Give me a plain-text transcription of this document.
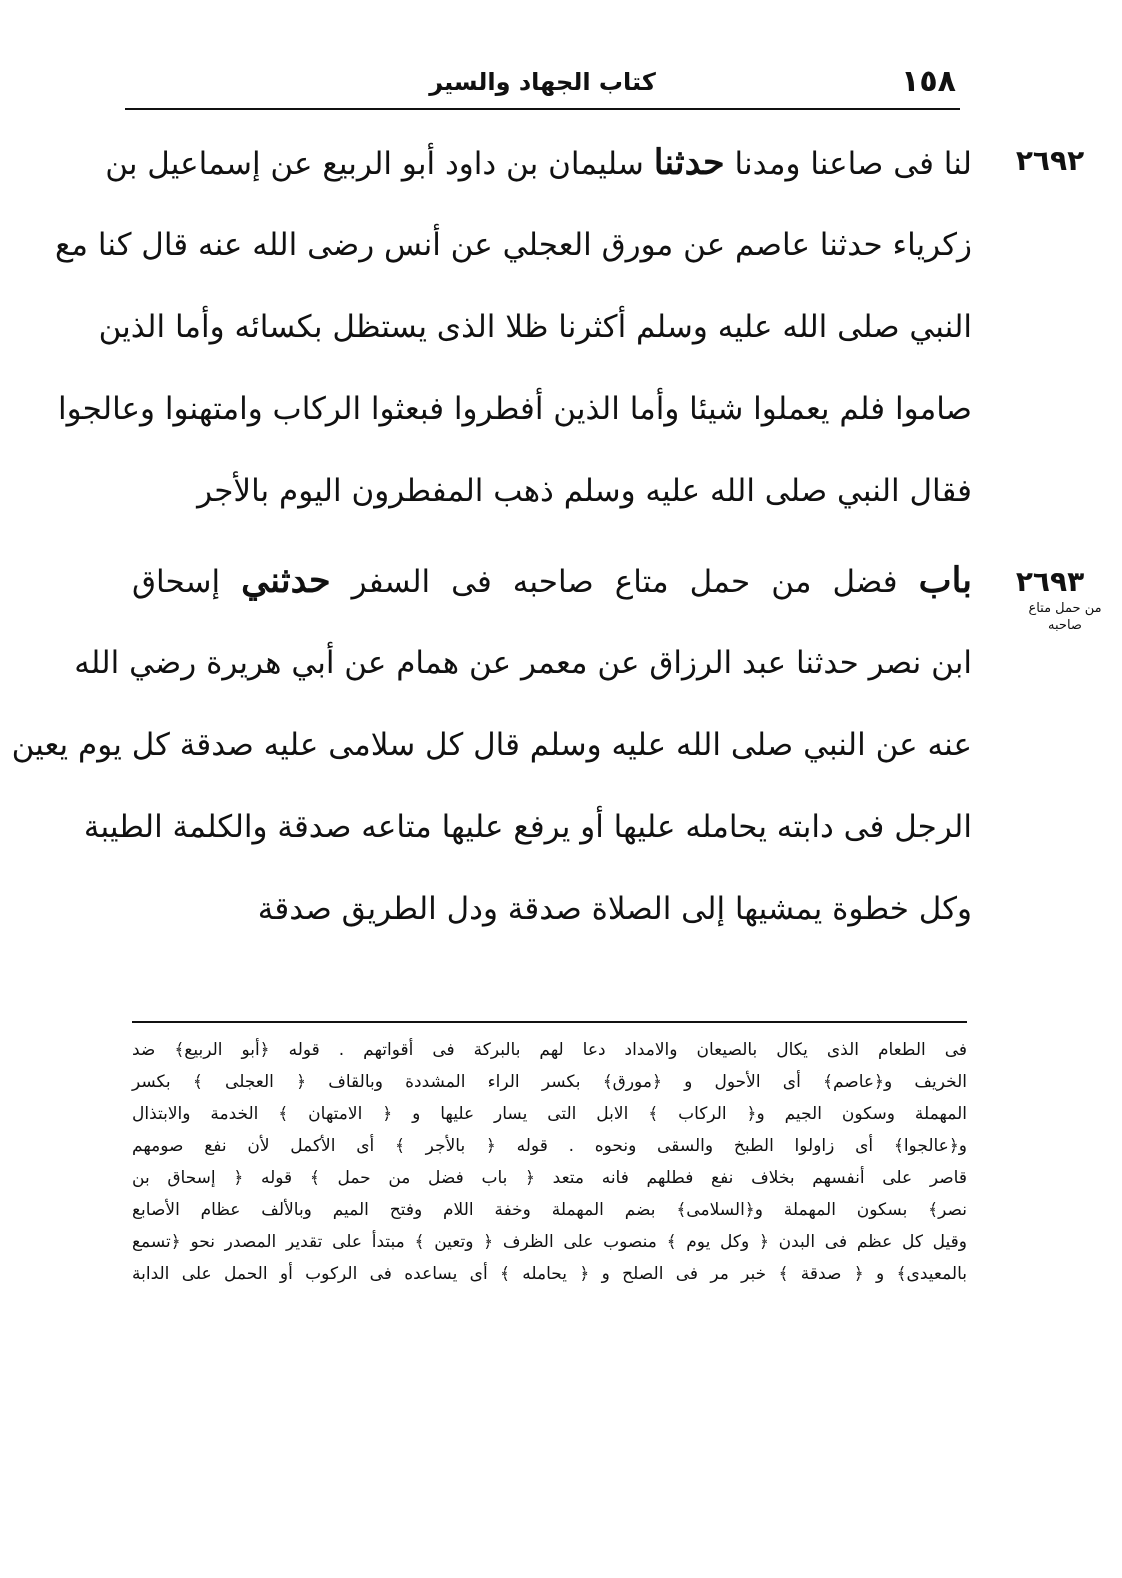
١٥٨
كتاب الجهاد والسير
٢٦٩٢
٢٦٩٣
من حمل متاع صاحبه
لنا فى صاعنا ومدنا حدثنا سليمان بن داود أبو الربيع عن إسماعيل بن
زكرياء حدثنا عاصم عن مورق العجلي عن أنس رضى الله عنه قال كنا مع
النبي صلى الله عليه وسلم أكثرنا ظلا الذى يستظل بكسائه وأما الذين
صاموا فلم يعملوا شيئا وأما الذين أفطروا فبعثوا الركاب وامتهنوا وعالجوا
فقال النبي صلى الله عليه وسلم ذهب المفطرون اليوم بالأجر
باب فضل من حمل متاع صاحبه فى السفر حدثني إسحاق
ابن نصر حدثنا عبد الرزاق عن معمر عن همام عن أبي هريرة رضي الله
عنه عن النبي صلى الله عليه وسلم قال كل سلامى عليه صدقة كل يوم يعين
الرجل فى دابته يحامله عليها أو يرفع عليها متاعه صدقة والكلمة الطيبة
وكل خطوة يمشيها إلى الصلاة صدقة ودل الطريق صدقة
فى الطعام الذى يكال بالصيعان والامداد دعا لهم بالبركة فى أقواتهم . قوله ﴿أبو الربيع﴾ ضد
الخريف و﴿عاصم﴾ أى الأحول و ﴿مورق﴾ بكسر الراء المشددة وبالقاف ﴿ العجلى ﴾ بكسر
المهملة وسكون الجيم و﴿ الركاب ﴾ الابل التى يسار عليها و ﴿ الامتهان ﴾ الخدمة والابتذال
و﴿عالجوا﴾ أى زاولوا الطبخ والسقى ونحوه . قوله ﴿ بالأجر ﴾ أى الأكمل لأن نفع صومهم
قاصر على أنفسهم بخلاف نفع فطلهم فانه متعد ﴿ باب فضل من حمل ﴾ قوله ﴿ إسحاق بن
نصر﴾ بسكون المهملة و﴿السلامى﴾ بضم المهملة وخفة اللام وفتح الميم وبالألف عظام الأصابع
وقيل كل عظم فى البدن ﴿ وكل يوم ﴾ منصوب على الظرف ﴿ وتعين ﴾ مبتدأ على تقدير المصدر نحو ﴿تسمع
بالمعيدى﴾ و ﴿ صدقة ﴾ خبر مر فى الصلح و ﴿ يحامله ﴾ أى يساعده فى الركوب أو الحمل على الدابة
